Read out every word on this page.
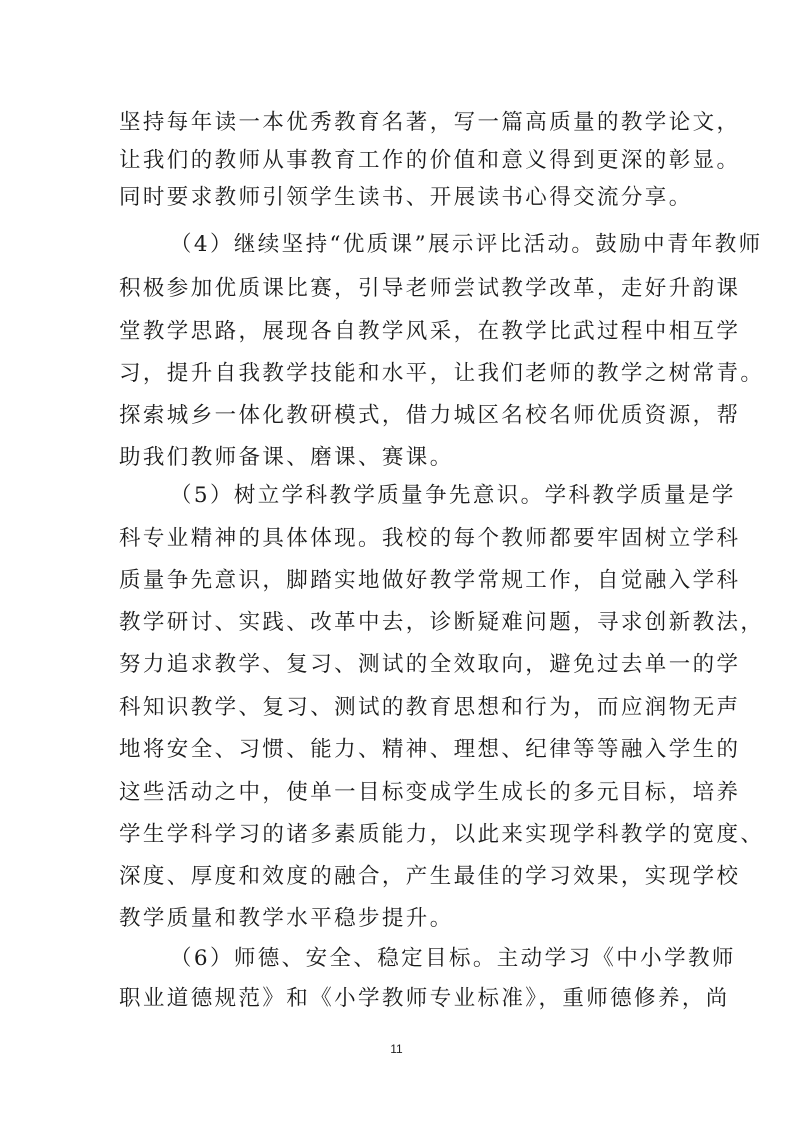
坚持每年读一本优秀教育名著，写一篇高质量的教学论文，

让我们的教师从事教育工作的价值和意义得到更深的彰显。

同时要求教师引领学生读书、开展读书心得交流分享。

（4）继续坚持“优质课”展示评比活动。鼓励中青年教师

积极参加优质课比赛，引导老师尝试教学改革，走好升韵课

堂教学思路，展现各自教学风采，在教学比武过程中相互学

习，提升自我教学技能和水平，让我们老师的教学之树常青。

探索城乡一体化教研模式，借力城区名校名师优质资源，帮

助我们教师备课、磨课、赛课。

（5）树立学科教学质量争先意识。学科教学质量是学

科专业精神的具体体现。我校的每个教师都要牢固树立学科

质量争先意识，脚踏实地做好教学常规工作，自觉融入学科

教学研讨、实践、改革中去，诊断疑难问题，寻求创新教法，

努力追求教学、复习、测试的全效取向，避免过去单一的学

科知识教学、复习、测试的教育思想和行为，而应润物无声

地将安全、习惯、能力、精神、理想、纪律等等融入学生的

这些活动之中，使单一目标变成学生成长的多元目标，培养

学生学科学习的诸多素质能力，以此来实现学科教学的宽度、

深度、厚度和效度的融合，产生最佳的学习效果，实现学校

教学质量和教学水平稳步提升。

（6）师德、安全、稳定目标。主动学习《中小学教师

职业道德规范》和《小学教师专业标准》，重师德修养，尚

11
